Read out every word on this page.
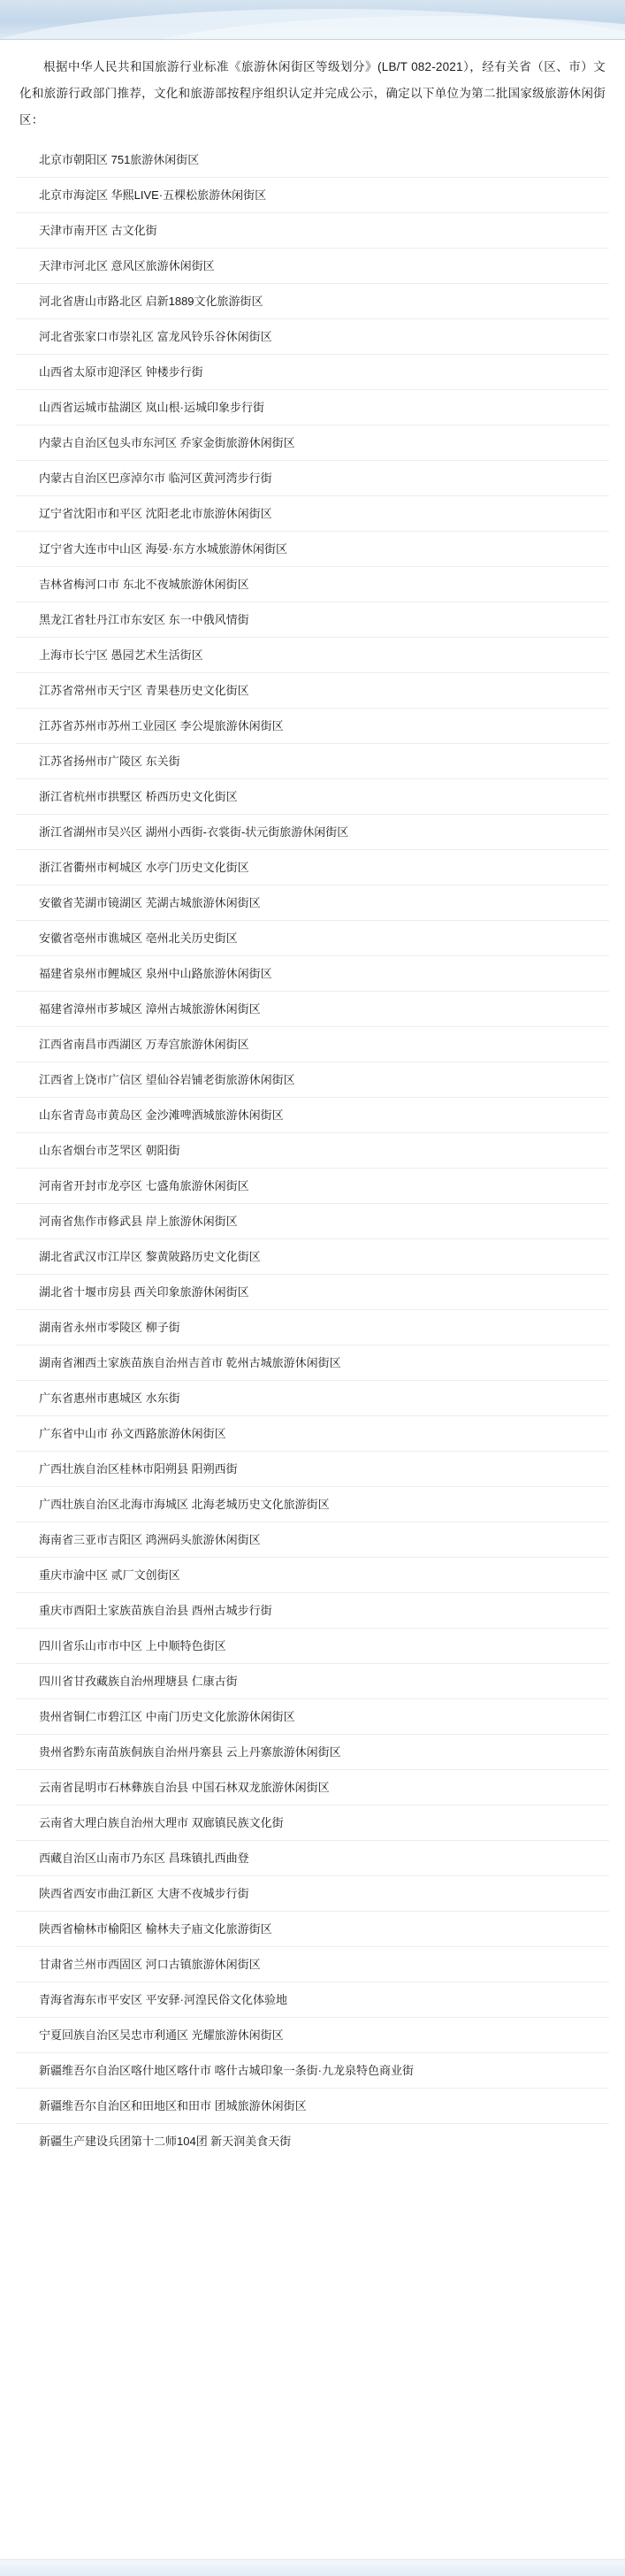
根据中华人民共和国旅游行业标准《旅游休闲街区等级划分》(LB/T 082-2021），经有关省（区、市）文化和旅游行政部门推荐，文化和旅游部按程序组织认定并完成公示，确定以下单位为第二批国家级旅游休闲街区：

北京市朝阳区 751旅游休闲街区
北京市海淀区 华熙LIVE·五棵松旅游休闲街区
天津市南开区 古文化街
天津市河北区 意风区旅游休闲街区
河北省唐山市路北区 启新1889文化旅游街区
河北省张家口市崇礼区 富龙风铃乐谷休闲街区
山西省太原市迎泽区 钟楼步行街
山西省运城市盐湖区 岚山根·运城印象步行街
内蒙古自治区包头市东河区 乔家金街旅游休闲街区
内蒙古自治区巴彦淖尔市 临河区黄河湾步行街
辽宁省沈阳市和平区 沈阳老北市旅游休闲街区
辽宁省大连市中山区 海晏·东方水城旅游休闲街区
吉林省梅河口市 东北不夜城旅游休闲街区
黑龙江省牡丹江市东安区 东一中俄风情街
上海市长宁区 愚园艺术生活街区
江苏省常州市天宁区 青果巷历史文化街区
江苏省苏州市苏州工业园区 李公堤旅游休闲街区
江苏省扬州市广陵区 东关街
浙江省杭州市拱墅区 桥西历史文化街区
浙江省湖州市吴兴区 湖州小西街-衣裳街-状元街旅游休闲街区
浙江省衢州市柯城区 水亭门历史文化街区
安徽省芜湖市镜湖区 芜湖古城旅游休闲街区
安徽省亳州市谯城区 亳州北关历史街区
福建省泉州市鲤城区 泉州中山路旅游休闲街区
福建省漳州市芗城区 漳州古城旅游休闲街区
江西省南昌市西湖区 万寿宫旅游休闲街区
江西省上饶市广信区 望仙谷岩铺老街旅游休闲街区
山东省青岛市黄岛区 金沙滩啤酒城旅游休闲街区
山东省烟台市芝罘区 朝阳街
河南省开封市龙亭区 七盛角旅游休闲街区
河南省焦作市修武县 岸上旅游休闲街区
湖北省武汉市江岸区 黎黄陂路历史文化街区
湖北省十堰市房县 西关印象旅游休闲街区
湖南省永州市零陵区 柳子街
湖南省湘西土家族苗族自治州吉首市 乾州古城旅游休闲街区
广东省惠州市惠城区 水东街
广东省中山市 孙文西路旅游休闲街区
广西壮族自治区桂林市阳朔县 阳朔西街
广西壮族自治区北海市海城区 北海老城历史文化旅游街区
海南省三亚市吉阳区 鸿洲码头旅游休闲街区
重庆市渝中区 贰厂文创街区
重庆市酉阳土家族苗族自治县 酉州古城步行街
四川省乐山市市中区 上中顺特色街区
四川省甘孜藏族自治州理塘县 仁康古街
贵州省铜仁市碧江区 中南门历史文化旅游休闲街区
贵州省黔东南苗族侗族自治州丹寨县 云上丹寨旅游休闲街区
云南省昆明市石林彝族自治县 中国石林双龙旅游休闲街区
云南省大理白族自治州大理市 双廊镇民族文化街
西藏自治区山南市乃东区 昌珠镇扎西曲登
陕西省西安市曲江新区 大唐不夜城步行街
陕西省榆林市榆阳区 榆林夫子庙文化旅游街区
甘肃省兰州市西固区 河口古镇旅游休闲街区
青海省海东市平安区 平安驿·河湟民俗文化体验地
宁夏回族自治区吴忠市利通区 光耀旅游休闲街区
新疆维吾尔自治区喀什地区喀什市 喀什古城印象一条街·九龙泉特色商业街
新疆维吾尔自治区和田地区和田市 团城旅游休闲街区
新疆生产建设兵团第十二师104团 新天润美食天街
